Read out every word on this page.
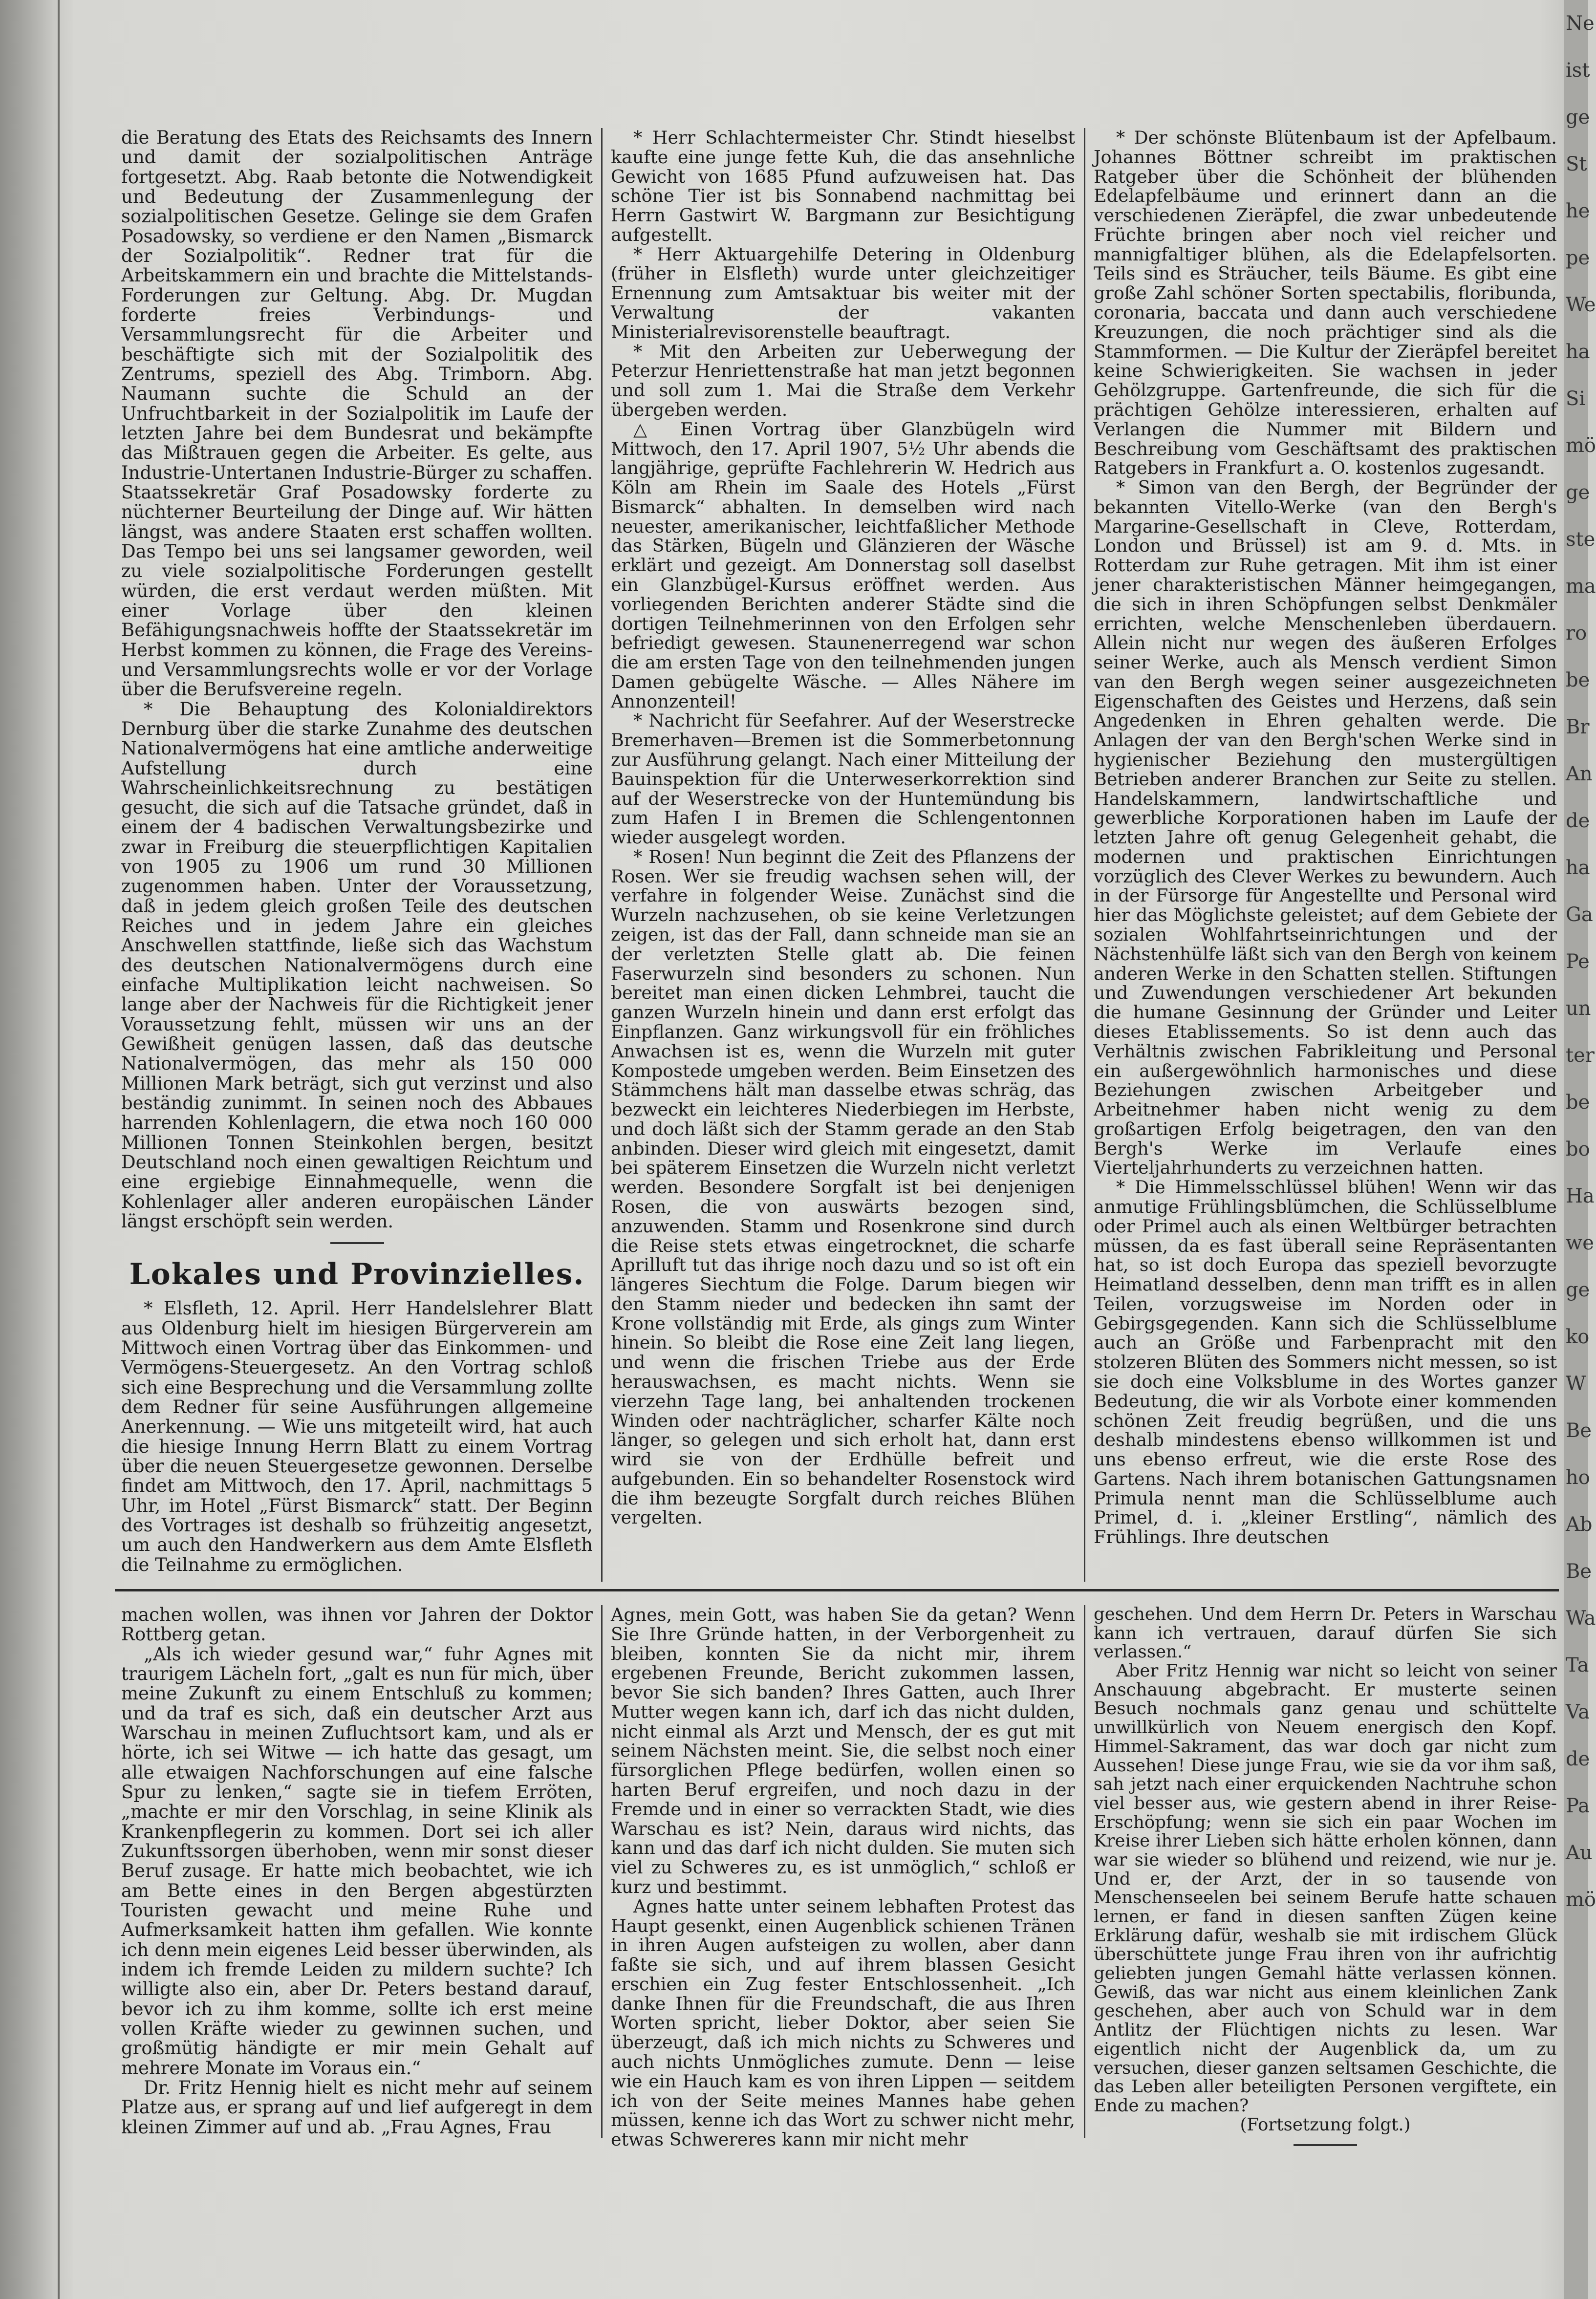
Ne
ist
ge
St
he
pe
We
ha
Si
mö
ge
ste
ma
ro
be
Br
An
de
ha
Ga
Pe
un
ter
be
bo
Ha
we
ge
ko
W
Be
ho
Ab
Be
Wa
Ta
Va
de
Pa
Au
mö

die Beratung des Etats des Reichsamts des Innern und damit der sozialpolitischen Anträge fortgesetzt. Abg. Raab betonte die Notwendigkeit und Bedeutung der Zusammenlegung der sozialpolitischen Gesetze. Gelinge sie dem Grafen Posadowsky, so verdiene er den Namen „Bismarck der Sozialpolitik“. Redner trat für die Arbeitskammern ein und brachte die Mittelstands-Forderungen zur Geltung. Abg. Dr. Mugdan forderte freies Verbindungs- und Versammlungsrecht für die Arbeiter und beschäftigte sich mit der Sozialpolitik des Zentrums, speziell des Abg. Trimborn. Abg. Naumann suchte die Schuld an der Unfruchtbarkeit in der Sozialpolitik im Laufe der letzten Jahre bei dem Bundesrat und bekämpfte das Mißtrauen gegen die Arbeiter. Es gelte, aus Industrie-Untertanen Industrie-Bürger zu schaffen. Staatssekretär Graf Posadowsky forderte zu nüchterner Beurteilung der Dinge auf. Wir hätten längst, was andere Staaten erst schaffen wollten. Das Tempo bei uns sei langsamer geworden, weil zu viele sozialpolitische Forderungen gestellt würden, die erst verdaut werden müßten. Mit einer Vorlage über den kleinen Befähigungsnachweis hoffte der Staatssekretär im Herbst kommen zu können, die Frage des Vereins- und Versammlungsrechts wolle er vor der Vorlage über die Berufsvereine regeln.

* Die Behauptung des Kolonialdirektors Dernburg über die starke Zunahme des deutschen Nationalvermögens hat eine amtliche anderweitige Aufstellung durch eine Wahrscheinlichkeitsrechnung zu bestätigen gesucht, die sich auf die Tatsache gründet, daß in einem der 4 badischen Verwaltungsbezirke und zwar in Freiburg die steuerpflichtigen Kapitalien von 1905 zu 1906 um rund 30 Millionen zugenommen haben. Unter der Voraussetzung, daß in jedem gleich großen Teile des deutschen Reiches und in jedem Jahre ein gleiches Anschwellen stattfinde, ließe sich das Wachstum des deutschen Nationalvermögens durch eine einfache Multiplikation leicht nachweisen. So lange aber der Nachweis für die Richtigkeit jener Voraussetzung fehlt, müssen wir uns an der Gewißheit genügen lassen, daß das deutsche Nationalvermögen, das mehr als 150 000 Millionen Mark beträgt, sich gut verzinst und also beständig zunimmt. In seinen noch des Abbaues harrenden Kohlenlagern, die etwa noch 160 000 Millionen Tonnen Steinkohlen bergen, besitzt Deutschland noch einen gewaltigen Reichtum und eine ergiebige Einnahmequelle, wenn die Kohlenlager aller anderen europäischen Länder längst erschöpft sein werden.

Lokales und Provinzielles.

* Elsfleth, 12. April. Herr Handelslehrer Blatt aus Oldenburg hielt im hiesigen Bürgerverein am Mittwoch einen Vortrag über das Einkommen- und Vermögens-Steuergesetz. An den Vortrag schloß sich eine Besprechung und die Versammlung zollte dem Redner für seine Ausführungen allgemeine Anerkennung. — Wie uns mitgeteilt wird, hat auch die hiesige Innung Herrn Blatt zu einem Vortrag über die neuen Steuergesetze gewonnen. Derselbe findet am Mittwoch, den 17. April, nachmittags 5 Uhr, im Hotel „Fürst Bismarck“ statt. Der Beginn des Vortrages ist deshalb so frühzeitig angesetzt, um auch den Handwerkern aus dem Amte Elsfleth die Teilnahme zu ermöglichen.

* Herr Schlachtermeister Chr. Stindt hieselbst kaufte eine junge fette Kuh, die das ansehnliche Gewicht von 1685 Pfund aufzuweisen hat. Das schöne Tier ist bis Sonnabend nachmittag bei Herrn Gastwirt W. Bargmann zur Besichtigung aufgestellt.

* Herr Aktuargehilfe Detering in Oldenburg (früher in Elsfleth) wurde unter gleichzeitiger Ernennung zum Amtsaktuar bis weiter mit der Verwaltung der vakanten Ministerialrevisorenstelle beauftragt.

* Mit den Arbeiten zur Ueberwegung der Peterzur Henriettenstraße hat man jetzt begonnen und soll zum 1. Mai die Straße dem Verkehr übergeben werden.

△ Einen Vortrag über Glanzbügeln wird Mittwoch, den 17. April 1907, 5½ Uhr abends die langjährige, geprüfte Fachlehrerin W. Hedrich aus Köln am Rhein im Saale des Hotels „Fürst Bismarck“ abhalten. In demselben wird nach neuester, amerikanischer, leichtfaßlicher Methode das Stärken, Bügeln und Glänzieren der Wäsche erklärt und gezeigt. Am Donnerstag soll daselbst ein Glanzbügel-Kursus eröffnet werden. Aus vorliegenden Berichten anderer Städte sind die dortigen Teilnehmerinnen von den Erfolgen sehr befriedigt gewesen. Staunenerregend war schon die am ersten Tage von den teilnehmenden jungen Damen gebügelte Wäsche. — Alles Nähere im Annonzenteil!

* Nachricht für Seefahrer. Auf der Weserstrecke Bremerhaven—Bremen ist die Sommerbetonnung zur Ausführung gelangt. Nach einer Mitteilung der Bauinspektion für die Unterweserkorrektion sind auf der Weserstrecke von der Huntemündung bis zum Hafen I in Bremen die Schlengentonnen wieder ausgelegt worden.

* Rosen! Nun beginnt die Zeit des Pflanzens der Rosen. Wer sie freudig wachsen sehen will, der verfahre in folgender Weise. Zunächst sind die Wurzeln nachzusehen, ob sie keine Verletzungen zeigen, ist das der Fall, dann schneide man sie an der verletzten Stelle glatt ab. Die feinen Faserwurzeln sind besonders zu schonen. Nun bereitet man einen dicken Lehmbrei, taucht die ganzen Wurzeln hinein und dann erst erfolgt das Einpflanzen. Ganz wirkungsvoll für ein fröhliches Anwachsen ist es, wenn die Wurzeln mit guter Kompostede umgeben werden. Beim Einsetzen des Stämmchens hält man dasselbe etwas schräg, das bezweckt ein leichteres Niederbiegen im Herbste, und doch läßt sich der Stamm gerade an den Stab anbinden. Dieser wird gleich mit eingesetzt, damit bei späterem Einsetzen die Wurzeln nicht verletzt werden. Besondere Sorgfalt ist bei denjenigen Rosen, die von auswärts bezogen sind, anzuwenden. Stamm und Rosenkrone sind durch die Reise stets etwas eingetrocknet, die scharfe Aprilluft tut das ihrige noch dazu und so ist oft ein längeres Siechtum die Folge. Darum biegen wir den Stamm nieder und bedecken ihn samt der Krone vollständig mit Erde, als gings zum Winter hinein. So bleibt die Rose eine Zeit lang liegen, und wenn die frischen Triebe aus der Erde herauswachsen, es macht nichts. Wenn sie vierzehn Tage lang, bei anhaltenden trockenen Winden oder nachträglicher, scharfer Kälte noch länger, so gelegen und sich erholt hat, dann erst wird sie von der Erdhülle befreit und aufgebunden. Ein so behandelter Rosenstock wird die ihm bezeugte Sorgfalt durch reiches Blühen vergelten.

* Der schönste Blütenbaum ist der Apfelbaum. Johannes Böttner schreibt im praktischen Ratgeber über die Schönheit der blühenden Edelapfelbäume und erinnert dann an die verschiedenen Zieräpfel, die zwar unbedeutende Früchte bringen aber noch viel reicher und mannigfaltiger blühen, als die Edelapfelsorten. Teils sind es Sträucher, teils Bäume. Es gibt eine große Zahl schöner Sorten spectabilis, floribunda, coronaria, baccata und dann auch verschiedene Kreuzungen, die noch prächtiger sind als die Stammformen. — Die Kultur der Zieräpfel bereitet keine Schwierigkeiten. Sie wachsen in jeder Gehölzgruppe. Gartenfreunde, die sich für die prächtigen Gehölze interessieren, erhalten auf Verlangen die Nummer mit Bildern und Beschreibung vom Geschäftsamt des praktischen Ratgebers in Frankfurt a. O. kostenlos zugesandt.

* Simon van den Bergh, der Begründer der bekannten Vitello-Werke (van den Bergh's Margarine-Gesellschaft in Cleve, Rotterdam, London und Brüssel) ist am 9. d. Mts. in Rotterdam zur Ruhe getragen. Mit ihm ist einer jener charakteristischen Männer heimgegangen, die sich in ihren Schöpfungen selbst Denkmäler errichten, welche Menschenleben überdauern. Allein nicht nur wegen des äußeren Erfolges seiner Werke, auch als Mensch verdient Simon van den Bergh wegen seiner ausgezeichneten Eigenschaften des Geistes und Herzens, daß sein Angedenken in Ehren gehalten werde. Die Anlagen der van den Bergh'schen Werke sind in hygienischer Beziehung den mustergültigen Betrieben anderer Branchen zur Seite zu stellen. Handelskammern, landwirtschaftliche und gewerbliche Korporationen haben im Laufe der letzten Jahre oft genug Gelegenheit gehabt, die modernen und praktischen Einrichtungen vorzüglich des Clever Werkes zu bewundern. Auch in der Fürsorge für Angestellte und Personal wird hier das Möglichste geleistet; auf dem Gebiete der sozialen Wohlfahrtseinrichtungen und der Nächstenhülfe läßt sich van den Bergh von keinem anderen Werke in den Schatten stellen. Stiftungen und Zuwendungen verschiedener Art bekunden die humane Gesinnung der Gründer und Leiter dieses Etablissements. So ist denn auch das Verhältnis zwischen Fabrikleitung und Personal ein außergewöhnlich harmonisches und diese Beziehungen zwischen Arbeitgeber und Arbeitnehmer haben nicht wenig zu dem großartigen Erfolg beigetragen, den van den Bergh's Werke im Verlaufe eines Vierteljahrhunderts zu verzeichnen hatten.

* Die Himmelsschlüssel blühen! Wenn wir das anmutige Frühlingsblümchen, die Schlüsselblume oder Primel auch als einen Weltbürger betrachten müssen, da es fast überall seine Repräsentanten hat, so ist doch Europa das speziell bevorzugte Heimatland desselben, denn man trifft es in allen Teilen, vorzugsweise im Norden oder in Gebirgsgegenden. Kann sich die Schlüsselblume auch an Größe und Farbenpracht mit den stolzeren Blüten des Sommers nicht messen, so ist sie doch eine Volksblume in des Wortes ganzer Bedeutung, die wir als Vorbote einer kommenden schönen Zeit freudig begrüßen, und die uns deshalb mindestens ebenso willkommen ist und uns ebenso erfreut, wie die erste Rose des Gartens. Nach ihrem botanischen Gattungsnamen Primula nennt man die Schlüsselblume auch Primel, d. i. „kleiner Erstling“, nämlich des Frühlings. Ihre deutschen

machen wollen, was ihnen vor Jahren der Doktor Rottberg getan.

„Als ich wieder gesund war,“ fuhr Agnes mit traurigem Lächeln fort, „galt es nun für mich, über meine Zukunft zu einem Entschluß zu kommen; und da traf es sich, daß ein deutscher Arzt aus Warschau in meinen Zufluchtsort kam, und als er hörte, ich sei Witwe — ich hatte das gesagt, um alle etwaigen Nachforschungen auf eine falsche Spur zu lenken,“ sagte sie in tiefem Erröten, „machte er mir den Vorschlag, in seine Klinik als Krankenpflegerin zu kommen. Dort sei ich aller Zukunftssorgen überhoben, wenn mir sonst dieser Beruf zusage. Er hatte mich beobachtet, wie ich am Bette eines in den Bergen abgestürzten Touristen gewacht und meine Ruhe und Aufmerksamkeit hatten ihm gefallen. Wie konnte ich denn mein eigenes Leid besser überwinden, als indem ich fremde Leiden zu mildern suchte? Ich willigte also ein, aber Dr. Peters bestand darauf, bevor ich zu ihm komme, sollte ich erst meine vollen Kräfte wieder zu gewinnen suchen, und großmütig händigte er mir mein Gehalt auf mehrere Monate im Voraus ein.“

Dr. Fritz Hennig hielt es nicht mehr auf seinem Platze aus, er sprang auf und lief aufgeregt in dem kleinen Zimmer auf und ab. „Frau Agnes, Frau

Agnes, mein Gott, was haben Sie da getan? Wenn Sie Ihre Gründe hatten, in der Verborgenheit zu bleiben, konnten Sie da nicht mir, ihrem ergebenen Freunde, Bericht zukommen lassen, bevor Sie sich banden? Ihres Gatten, auch Ihrer Mutter wegen kann ich, darf ich das nicht dulden, nicht einmal als Arzt und Mensch, der es gut mit seinem Nächsten meint. Sie, die selbst noch einer fürsorglichen Pflege bedürfen, wollen einen so harten Beruf ergreifen, und noch dazu in der Fremde und in einer so verrackten Stadt, wie dies Warschau es ist? Nein, daraus wird nichts, das kann und das darf ich nicht dulden. Sie muten sich viel zu Schweres zu, es ist unmöglich,“ schloß er kurz und bestimmt.

Agnes hatte unter seinem lebhaften Protest das Haupt gesenkt, einen Augenblick schienen Tränen in ihren Augen aufsteigen zu wollen, aber dann faßte sie sich, und auf ihrem blassen Gesicht erschien ein Zug fester Entschlossenheit. „Ich danke Ihnen für die Freundschaft, die aus Ihren Worten spricht, lieber Doktor, aber seien Sie überzeugt, daß ich mich nichts zu Schweres und auch nichts Unmögliches zumute. Denn — leise wie ein Hauch kam es von ihren Lippen — seitdem ich von der Seite meines Mannes habe gehen müssen, kenne ich das Wort zu schwer nicht mehr, etwas Schwereres kann mir nicht mehr

geschehen. Und dem Herrn Dr. Peters in Warschau kann ich vertrauen, darauf dürfen Sie sich verlassen.“

Aber Fritz Hennig war nicht so leicht von seiner Anschauung abgebracht. Er musterte seinen Besuch nochmals ganz genau und schüttelte unwillkürlich von Neuem energisch den Kopf. Himmel-Sakrament, das war doch gar nicht zum Aussehen! Diese junge Frau, wie sie da vor ihm saß, sah jetzt nach einer erquickenden Nachtruhe schon viel besser aus, wie gestern abend in ihrer Reise-Erschöpfung; wenn sie sich ein paar Wochen im Kreise ihrer Lieben sich hätte erholen können, dann war sie wieder so blühend und reizend, wie nur je. Und er, der Arzt, der in so tausende von Menschenseelen bei seinem Berufe hatte schauen lernen, er fand in diesen sanften Zügen keine Erklärung dafür, weshalb sie mit irdischem Glück überschüttete junge Frau ihren von ihr aufrichtig geliebten jungen Gemahl hätte verlassen können. Gewiß, das war nicht aus einem kleinlichen Zank geschehen, aber auch von Schuld war in dem Antlitz der Flüchtigen nichts zu lesen. War eigentlich nicht der Augenblick da, um zu versuchen, dieser ganzen seltsamen Geschichte, die das Leben aller beteiligten Personen vergiftete, ein Ende zu machen?

(Fortsetzung folgt.)
